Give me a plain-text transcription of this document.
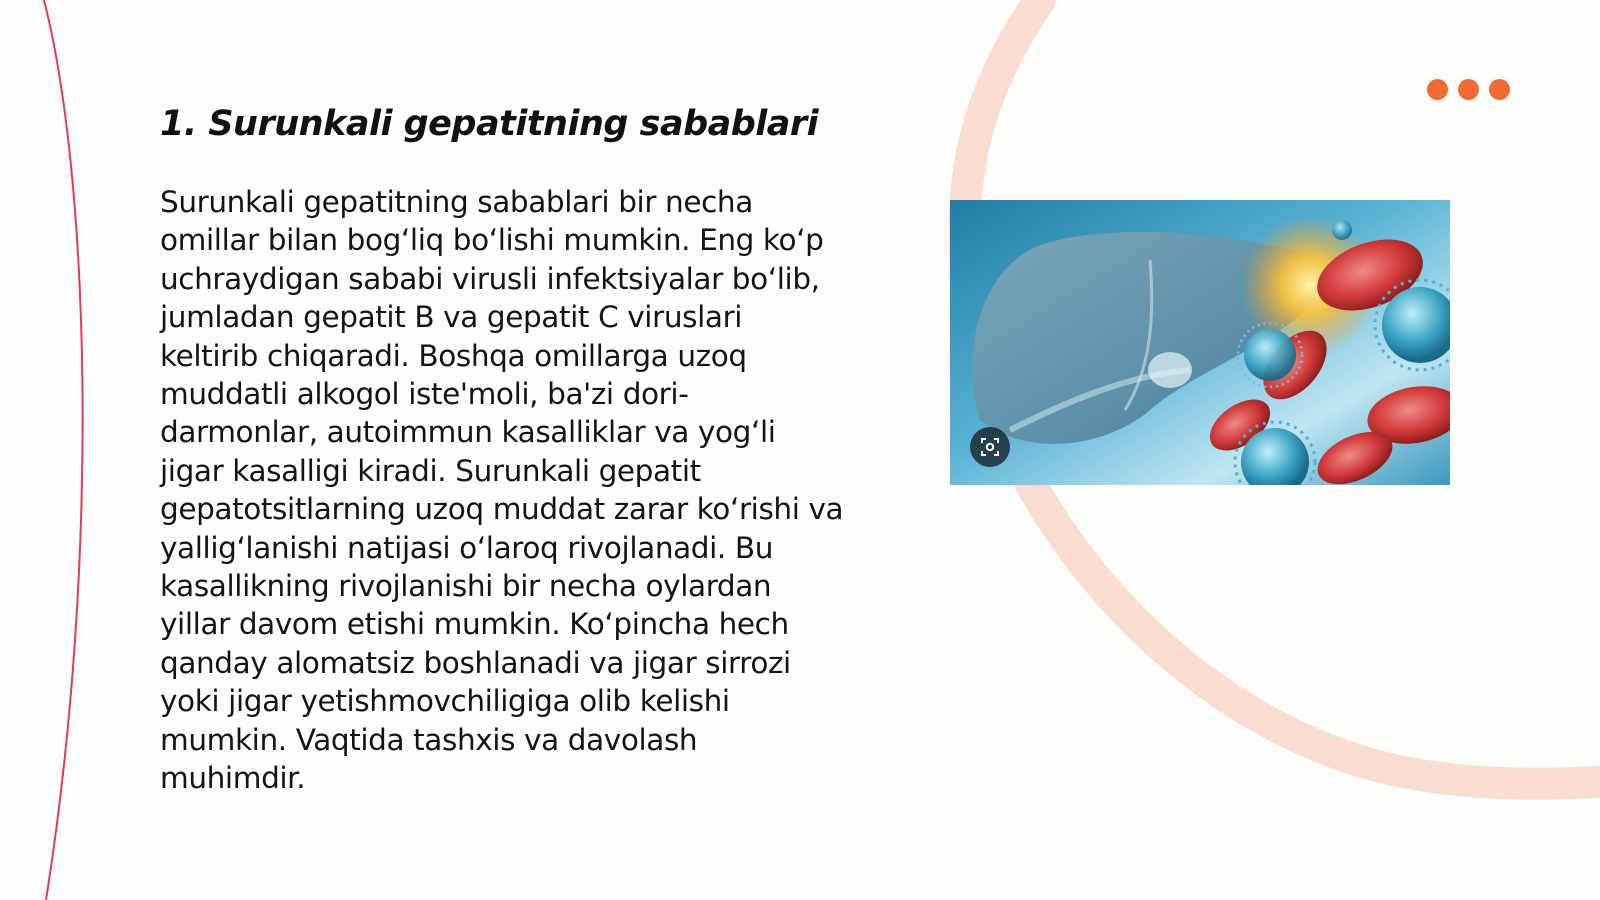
1. Surunkali gepatitning sabablari

Surunkali gepatitning sabablari bir necha omillar bilan bog‘liq bo‘lishi mumkin. Eng ko‘p uchraydigan sababi virusli infektsiyalar bo‘lib, jumladan gepatit B va gepatit C viruslari keltirib chiqaradi. Boshqa omillarga uzoq muddatli alkogol iste'moli, ba'zi dori-darmonlar, autoimmun kasalliklar va yog‘li jigar kasalligi kiradi. Surunkali gepatit gepatotsitlarning uzoq muddat zarar ko‘rishi va yallig‘lanishi natijasi o‘laroq rivojlanadi. Bu kasallikning rivojlanishi bir necha oylardan yillar davom etishi mumkin. Ko‘pincha hech qanday alomatsiz boshlanadi va jigar sirrozi yoki jigar yetishmovchiligiga olib kelishi mumkin. Vaqtida tashxis va davolash muhimdir.
